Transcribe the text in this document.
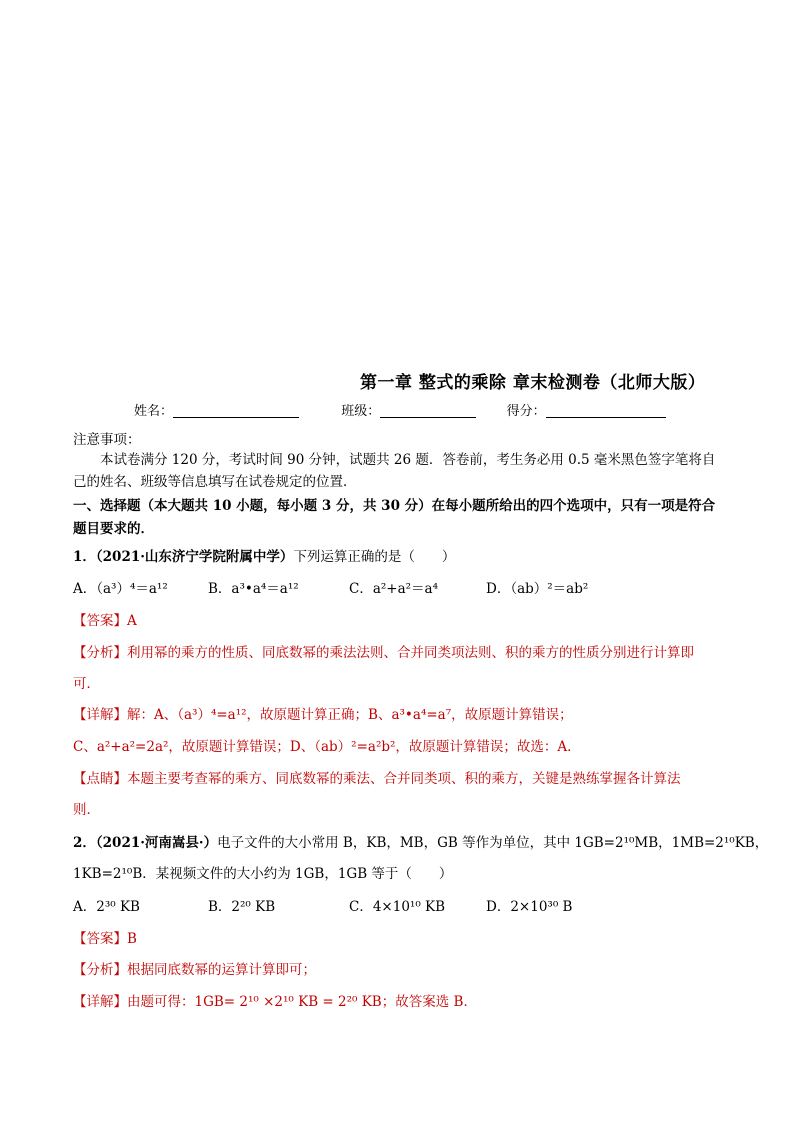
第一章 整式的乘除 章末检测卷（北师大版）
姓名：	班级：	得分：
注意事项：
本试卷满分 120 分，考试时间 90 分钟，试题共 26 题．答卷前，考生务必用 0.5 毫米黑色签字笔将自
己的姓名、班级等信息填写在试卷规定的位置．
一、选择题（本大题共 10 小题，每小题 3 分，共 30 分）在每小题所给出的四个选项中，只有一项是符合
题目要求的．
1．（2021·山东济宁学院附属中学）下列运算正确的是（　　）
A．（a³）⁴＝a¹²	B．a³•a⁴＝a¹²	C．a²+a²＝a⁴	D．（ab）²＝ab²
【答案】A
【分析】利用幂的乘方的性质、同底数幂的乘法法则、合并同类项法则、积的乘方的性质分别进行计算即
可．
【详解】解：A、（a³）⁴=a¹²，故原题计算正确；B、a³•a⁴=a⁷，故原题计算错误；
C、a²+a²=2a²，故原题计算错误；D、（ab）²=a²b²，故原题计算错误；故选：A．
【点睛】本题主要考查幂的乘方、同底数幂的乘法、合并同类项、积的乘方，关键是熟练掌握各计算法
则．
2．（2021·河南嵩县·）电子文件的大小常用 B，KB，MB，GB 等作为单位，其中 1GB=2¹⁰MB，1MB=2¹⁰KB，
1KB=2¹⁰B．某视频文件的大小约为 1GB，1GB 等于（　　）
A．2³⁰ KB	B．2²⁰ KB	C．4×10¹⁰ KB	D．2×10³⁰ B
【答案】B
【分析】根据同底数幂的运算计算即可；
【详解】由题可得：1GB= 2¹⁰ ×2¹⁰ KB = 2²⁰ KB；故答案选 B．
